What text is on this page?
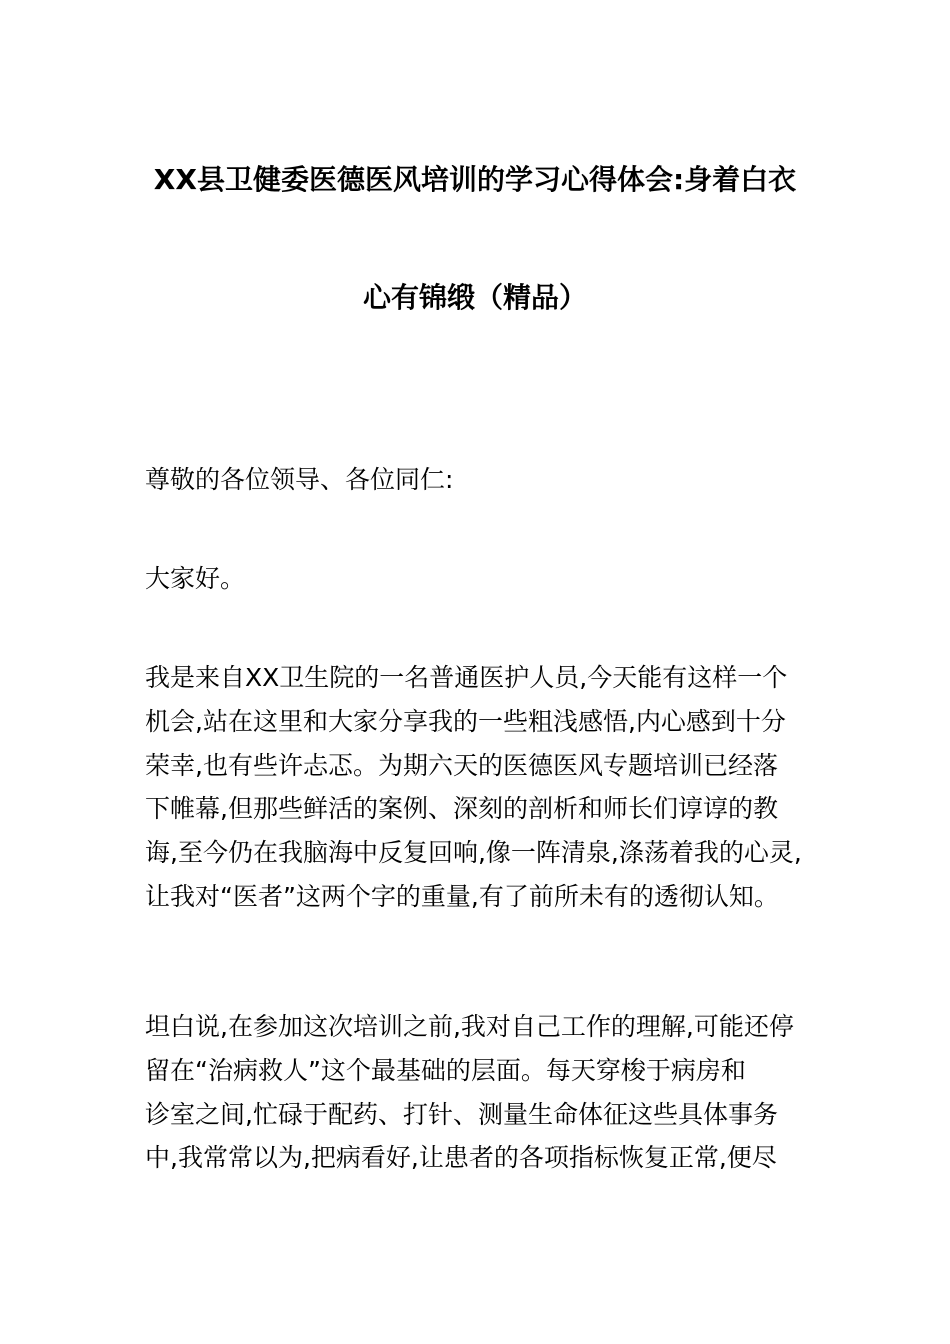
XX县卫健委医德医风培训的学习心得体会:身着白衣
心有锦缎（精品）

尊敬的各位领导、各位同仁:

大家好。

我是来自XX卫生院的一名普通医护人员,今天能有这样一个
机会,站在这里和大家分享我的一些粗浅感悟,内心感到十分
荣幸,也有些许忐忑。为期六天的医德医风专题培训已经落
下帷幕,但那些鲜活的案例、深刻的剖析和师长们谆谆的教
诲,至今仍在我脑海中反复回响,像一阵清泉,涤荡着我的心灵,
让我对“医者”这两个字的重量,有了前所未有的透彻认知。
坦白说,在参加这次培训之前,我对自己工作的理解,可能还停
留在“治病救人”这个最基础的层面。每天穿梭于病房和
诊室之间,忙碌于配药、打针、测量生命体征这些具体事务
中,我常常以为,把病看好,让患者的各项指标恢复正常,便尽
